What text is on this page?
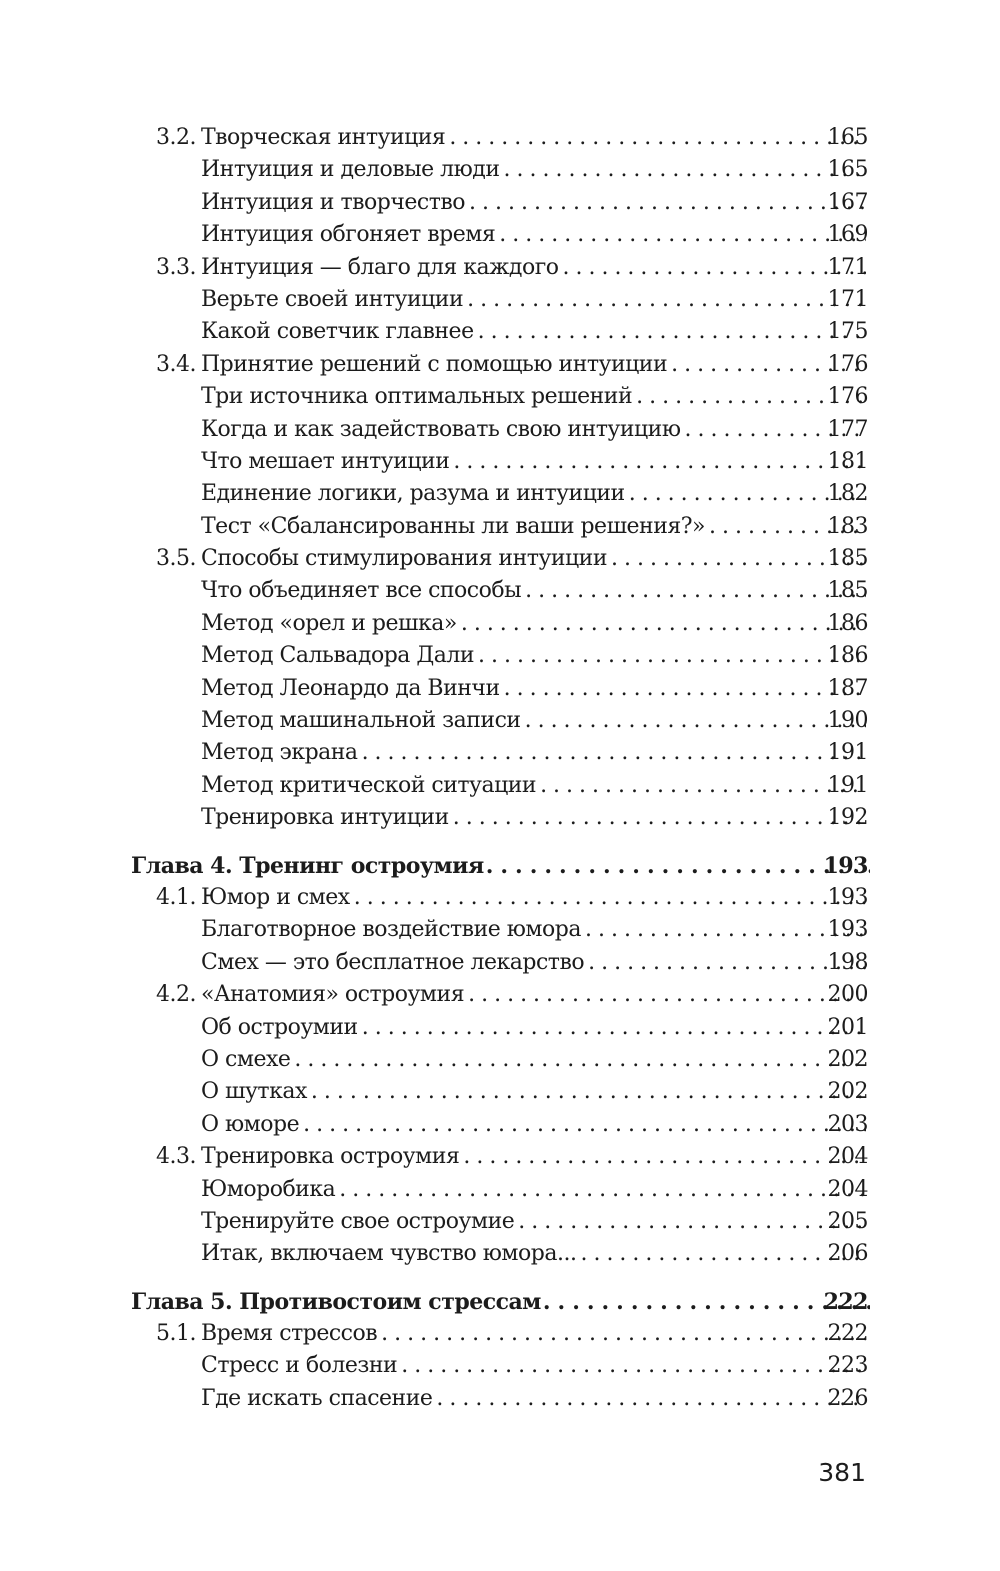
3.2. Творческая интуиция .....	165
Интуиция и деловые люди .....	165
Интуиция и творчество .....	167
Интуиция обгоняет время .....	169
3.3. Интуиция — благо для каждого .....	171
Верьте своей интуиции .....	171
Какой советчик главнее .....	175
3.4. Принятие решений с помощью интуиции .....	176
Три источника оптимальных решений .....	176
Когда и как задействовать свою интуицию .....	177
Что мешает интуиции .....	181
Единение логики, разума и интуиции .....	182
Тест «Сбалансированны ли ваши решения?» .....	183
3.5. Способы стимулирования интуиции .....	185
Что объединяет все способы .....	185
Метод «орел и решка» .....	186
Метод Сальвадора Дали .....	186
Метод Леонардо да Винчи .....	187
Метод машинальной записи .....	190
Метод экрана .....	191
Метод критической ситуации .....	191
Тренировка интуиции .....	192
Глава 4. Тренинг остроумия .....	193
4.1. Юмор и смех .....	193
Благотворное воздействие юмора .....	193
Смех — это бесплатное лекарство .....	198
4.2. «Анатомия» остроумия .....	200
Об остроумии .....	201
О смехе .....	202
О шутках .....	202
О юморе .....	203
4.3. Тренировка остроумия .....	204
Юморобика .....	204
Тренируйте свое остроумие .....	205
Итак, включаем чувство юмора... .....	206
Глава 5. Противостоим стрессам .....	222
5.1. Время стрессов .....	222
Стресс и болезни .....	223
Где искать спасение .....	226
381
